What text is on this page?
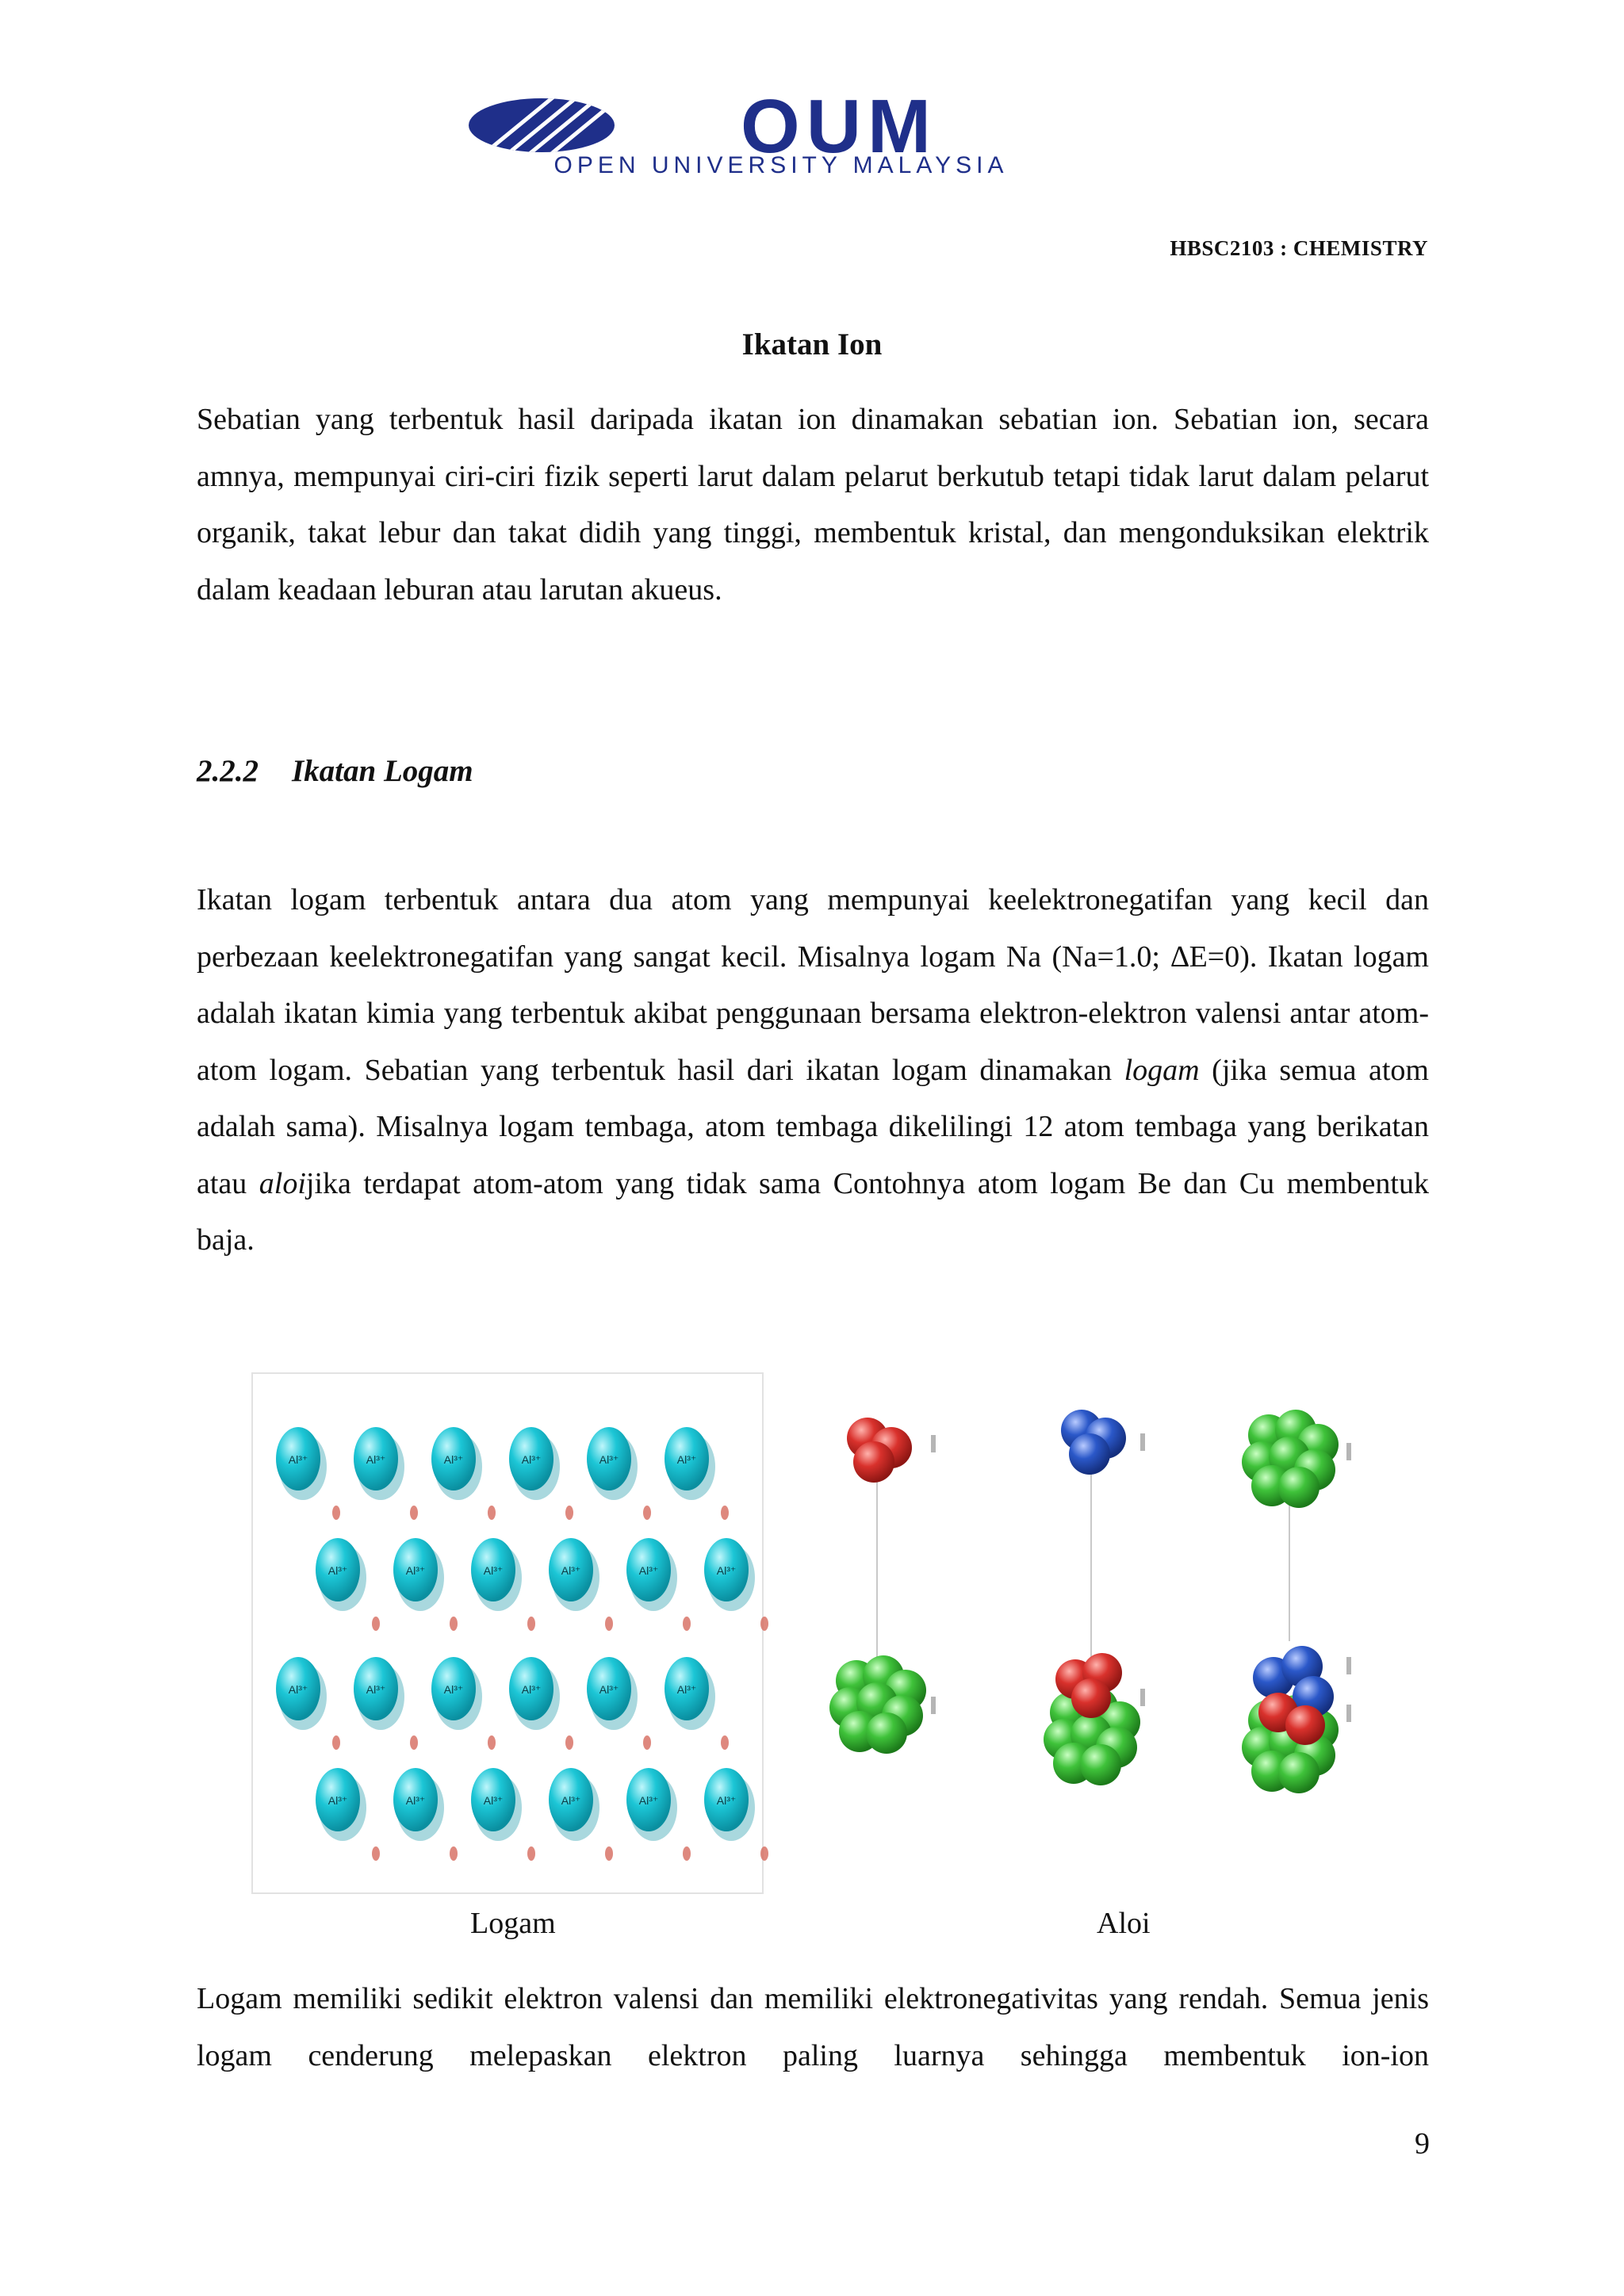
OUM
OPEN UNIVERSITY MALAYSIA
HBSC2103 : CHEMISTRY
Ikatan Ion

Sebatian yang terbentuk hasil daripada ikatan ion dinamakan sebatian ion. Sebatian ion, secara amnya, mempunyai ciri-ciri fizik seperti larut dalam pelarut berkutub tetapi tidak larut dalam pelarut organik, takat lebur dan takat didih yang tinggi, membentuk kristal, dan mengonduksikan elektrik dalam keadaan leburan atau larutan akueus.

2.2.2 Ikatan Logam

Ikatan logam terbentuk antara dua atom yang mempunyai keelektronegatifan yang kecil dan perbezaan keelektronegatifan yang sangat kecil. Misalnya logam Na (Na=1.0; ∆E=0). Ikatan logam adalah ikatan kimia yang terbentuk akibat penggunaan bersama elektron-elektron valensi antar atom-atom logam. Sebatian yang terbentuk hasil dari ikatan logam dinamakan logam (jika semua atom adalah sama). Misalnya logam tembaga, atom tembaga dikelilingi 12 atom tembaga yang berikatan atau aloijika terdapat atom-atom yang tidak sama Contohnya atom logam Be dan Cu membentuk baja.

Al³⁺	Al³⁺	Al³⁺	Al³⁺	Al³⁺	Al³⁺
Al³⁺	Al³⁺	Al³⁺	Al³⁺	Al³⁺	Al³⁺
Al³⁺	Al³⁺	Al³⁺	Al³⁺	Al³⁺	Al³⁺
Al³⁺	Al³⁺	Al³⁺	Al³⁺	Al³⁺	Al³⁺
Logam	Aloi

Logam memiliki sedikit elektron valensi dan memiliki elektronegativitas yang rendah. Semua jenis logam cenderung melepaskan elektron paling luarnya sehingga membentuk ion-ion

9
